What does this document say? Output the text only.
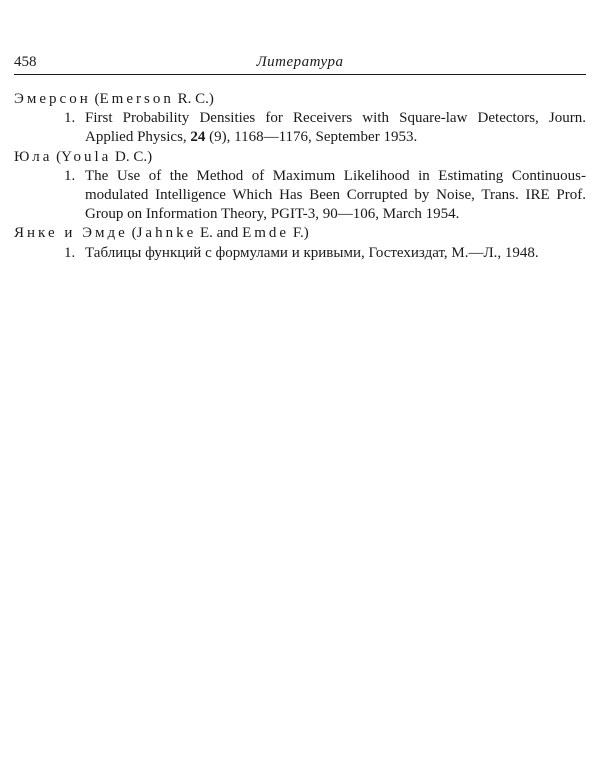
458	Литература

Эмерсон (Emerson R. C.)

1. First Probability Densities for Receivers with Square-law Detectors, Journ. Applied Physics, 24 (9), 1168—1176, September 1953.

Юла (Youla D. C.)

1. The Use of the Method of Maximum Likelihood in Estimating Continuous-modulated Intelligence Which Has Been Corrupted by Noise, Trans. IRE Prof. Group on Information Theory, PGIT-3, 90—106, March 1954.

Янке и Эмде (Jahnke E. and Emde F.)

1. Таблицы функций с формулами и кривыми, Гостехиздат, М.—Л., 1948.
